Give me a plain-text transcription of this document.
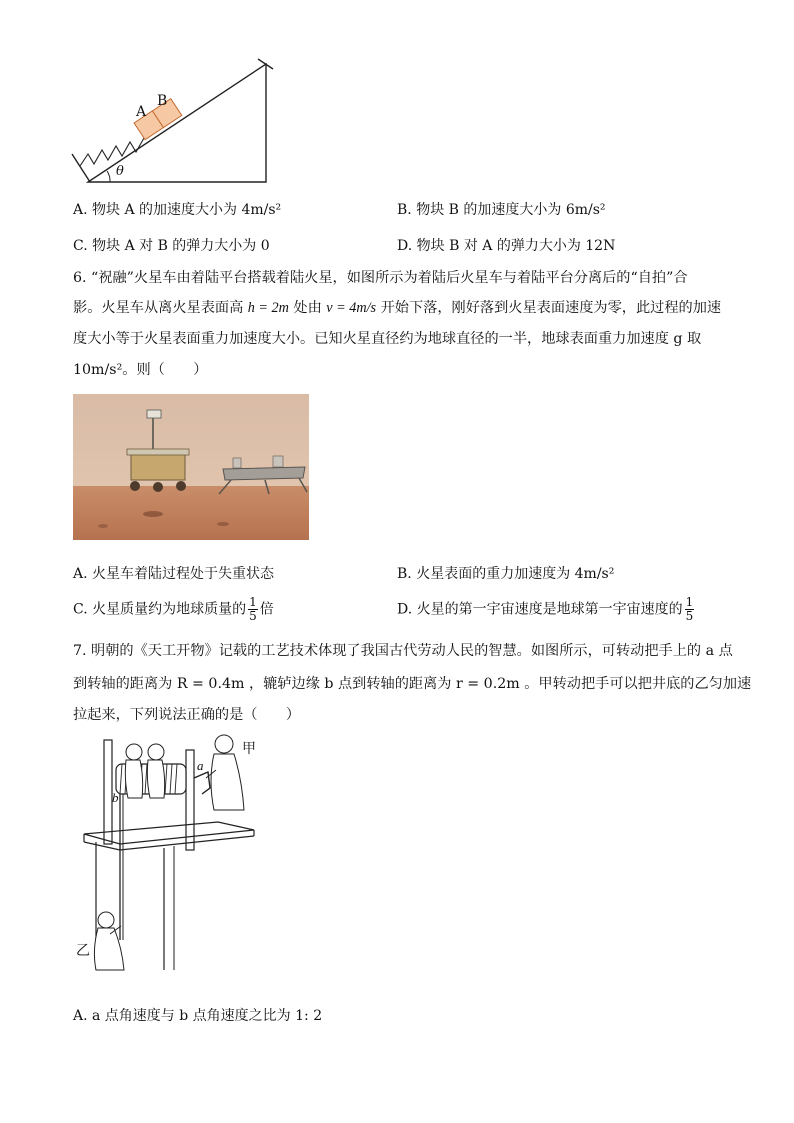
A
B
θ
A. 物块 A 的加速度大小为 4m/s²	B. 物块 B 的加速度大小为 6m/s²
C. 物块 A 对 B 的弹力大小为 0	D. 物块 B 对 A 的弹力大小为 12N
6. “祝融”火星车由着陆平台搭载着陆火星，如图所示为着陆后火星车与着陆平台分离后的“自拍”合
影。火星车从离火星表面高 h = 2m 处由 v = 4m/s 开始下落，刚好落到火星表面速度为零，此过程的加速
度大小等于火星表面重力加速度大小。已知火星直径约为地球直径的一半，地球表面重力加速度 g 取
10m/s²。则（　　）
A. 火星车着陆过程处于失重状态	B. 火星表面的重力加速度为 4m/s²
C. 火星质量约为地球质量的 $\frac{1}{5}$ 倍	D. 火星的第一宇宙速度是地球第一宇宙速度的 $\frac{1}{5}$
7. 明朝的《天工开物》记载的工艺技术体现了我国古代劳动人民的智慧。如图所示，可转动把手上的 a 点
到转轴的距离为 R = 0.4m ，辘轳边缘 b 点到转轴的距离为 r = 0.2m 。甲转动把手可以把井底的乙匀加速
拉起来，下列说法正确的是（　　）
甲
乙
a
b
A. a 点角速度与 b 点角速度之比为 1: 2
